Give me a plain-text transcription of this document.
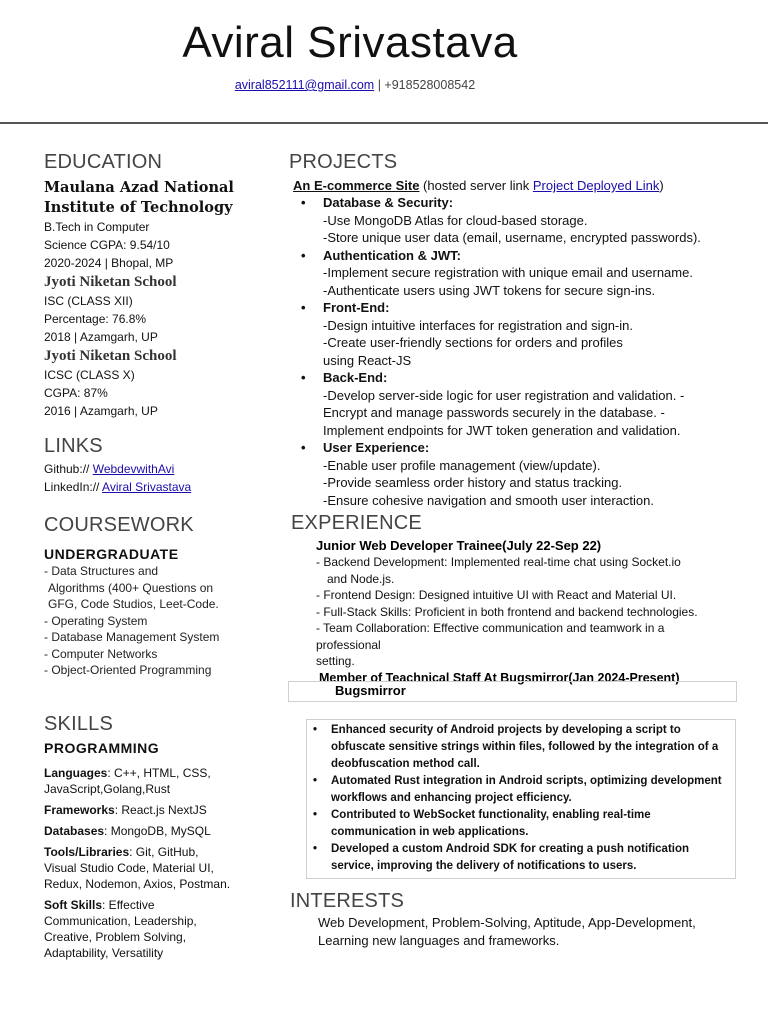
Aviral Srivastava
aviral852111@gmail.com | +918528008542
EDUCATION
Maulana Azad National Institute of Technology
B.Tech in Computer
Science CGPA: 9.54/10
2020-2024 | Bhopal, MP
Jyoti Niketan School
ISC (CLASS XII)
Percentage: 76.8%
2018 | Azamgarh, UP
Jyoti Niketan School
ICSC (CLASS X)
CGPA: 87%
2016 | Azamgarh, UP
LINKS
Github:// WebdevwithAvi
LinkedIn:// Aviral Srivastava
COURSEWORK
UNDERGRADUATE
- Data Structures and
Algorithms (400+ Questions on
GFG, Code Studios, Leet-Code.
- Operating System
- Database Management System
- Computer Networks
- Object-Oriented Programming
SKILLS
PROGRAMMING
Languages: C++, HTML, CSS, JavaScript,Golang,Rust
Frameworks: React.js NextJS
Databases: MongoDB, MySQL
Tools/Libraries: Git, GitHub, Visual Studio Code, Material UI, Redux, Nodemon, Axios, Postman.
Soft Skills: Effective Communication, Leadership, Creative, Problem Solving, Adaptability, Versatility
PROJECTS
An E-commerce Site (hosted server link Project Deployed Link)
• Database & Security:
-Use MongoDB Atlas for cloud-based storage.
-Store unique user data (email, username, encrypted passwords).
• Authentication & JWT:
-Implement secure registration with unique email and username.
-Authenticate users using JWT tokens for secure sign-ins.
• Front-End:
-Design intuitive interfaces for registration and sign-in.
-Create user-friendly sections for orders and profiles
using React-JS
• Back-End:
-Develop server-side logic for user registration and validation. -
Encrypt and manage passwords securely in the database. -
Implement endpoints for JWT token generation and validation.
• User Experience:
-Enable user profile management (view/update).
-Provide seamless order history and status tracking.
-Ensure cohesive navigation and smooth user interaction.
EXPERIENCE
Junior Web Developer Trainee(July 22-Sep 22)
- Backend Development: Implemented real-time chat using Socket.io
and Node.js.
- Frontend Design: Designed intuitive UI with React and Material UI.
- Full-Stack Skills: Proficient in both frontend and backend technologies.
- Team Collaboration: Effective communication and teamwork in a
professional
setting.
Member of Teachnical Staff At Bugsmirror(Jan 2024-Present)
Bugsmirror
• Enhanced security of Android projects by developing a script to obfuscate sensitive strings within files, followed by the integration of a deobfuscation method call.
• Automated Rust integration in Android scripts, optimizing development workflows and enhancing project efficiency.
• Contributed to WebSocket functionality, enabling real-time communication in web applications.
• Developed a custom Android SDK for creating a push notification service, improving the delivery of notifications to users.
INTERESTS
Web Development, Problem-Solving, Aptitude, App-Development, Learning new languages and frameworks.
